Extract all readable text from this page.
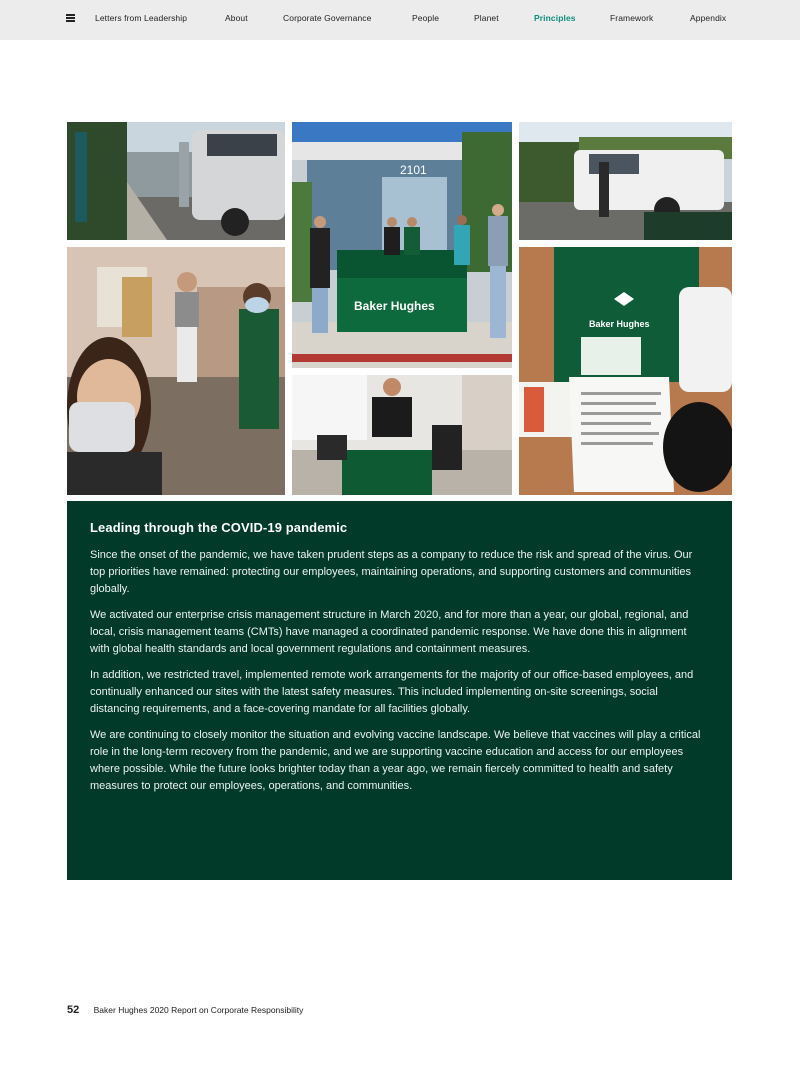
Letters from Leadership	About	Corporate Governance	People	Planet	Principles	Framework	Appendix
2101
Baker Hughes
Baker Hughes
Leading through the COVID-19 pandemic

Since the onset of the pandemic, we have taken prudent steps as a company to reduce the risk and spread of the virus. Our top priorities have remained: protecting our employees, maintaining operations, and supporting customers and communities globally.

We activated our enterprise crisis management structure in March 2020, and for more than a year, our global, regional, and local, crisis management teams (CMTs) have managed a coordinated pandemic response. We have done this in alignment with global health standards and local government regulations and containment measures.

In addition, we restricted travel, implemented remote work arrangements for the majority of our office-based employees, and continually enhanced our sites with the latest safety measures. This included implementing on-site screenings, social distancing requirements, and a face-covering mandate for all facilities globally.

We are continuing to closely monitor the situation and evolving vaccine landscape. We believe that vaccines will play a critical role in the long-term recovery from the pandemic, and we are supporting vaccine education and access for our employees where possible. While the future looks brighter today than a year ago, we remain fiercely committed to health and safety measures to protect our employees, operations, and communities.

52 Baker Hughes 2020 Report on Corporate Responsibility
